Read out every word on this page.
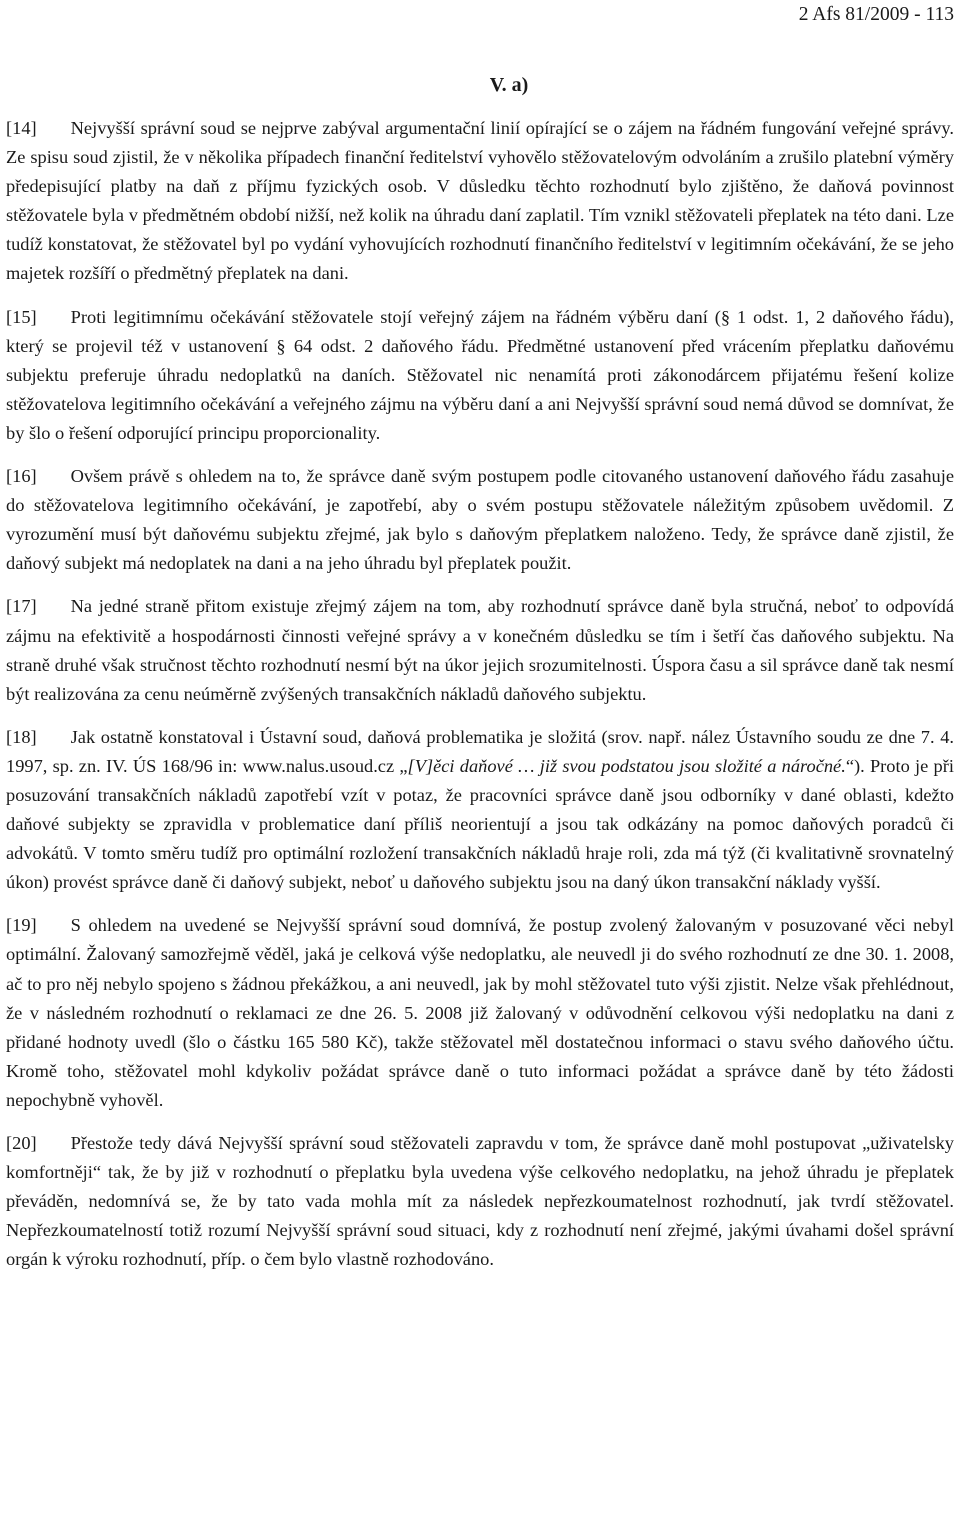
2 Afs 81/2009 - 113
V. a)

[14] Nejvyšší správní soud se nejprve zabýval argumentační linií opírající se o zájem na řádném fungování veřejné správy. Ze spisu soud zjistil, že v několika případech finanční ředitelství vyhovělo stěžovatelovým odvoláním a zrušilo platební výměry předepisující platby na daň z příjmu fyzických osob. V důsledku těchto rozhodnutí bylo zjištěno, že daňová povinnost stěžovatele byla v předmětném období nižší, než kolik na úhradu daní zaplatil. Tím vznikl stěžovateli přeplatek na této dani. Lze tudíž konstatovat, že stěžovatel byl po vydání vyhovujících rozhodnutí finančního ředitelství v legitimním očekávání, že se jeho majetek rozšíří o předmětný přeplatek na dani.

[15] Proti legitimnímu očekávání stěžovatele stojí veřejný zájem na řádném výběru daní (§ 1 odst. 1, 2 daňového řádu), který se projevil též v ustanovení § 64 odst. 2 daňového řádu. Předmětné ustanovení před vrácením přeplatku daňovému subjektu preferuje úhradu nedoplatků na daních. Stěžovatel nic nenamítá proti zákonodárcem přijatému řešení kolize stěžovatelova legitimního očekávání a veřejného zájmu na výběru daní a ani Nejvyšší správní soud nemá důvod se domnívat, že by šlo o řešení odporující principu proporcionality.

[16] Ovšem právě s ohledem na to, že správce daně svým postupem podle citovaného ustanovení daňového řádu zasahuje do stěžovatelova legitimního očekávání, je zapotřebí, aby o svém postupu stěžovatele náležitým způsobem uvědomil. Z vyrozumění musí být daňovému subjektu zřejmé, jak bylo s daňovým přeplatkem naloženo. Tedy, že správce daně zjistil, že daňový subjekt má nedoplatek na dani a na jeho úhradu byl přeplatek použit.

[17] Na jedné straně přitom existuje zřejmý zájem na tom, aby rozhodnutí správce daně byla stručná, neboť to odpovídá zájmu na efektivitě a hospodárnosti činnosti veřejné správy a v konečném důsledku se tím i šetří čas daňového subjektu. Na straně druhé však stručnost těchto rozhodnutí nesmí být na úkor jejich srozumitelnosti. Úspora času a sil správce daně tak nesmí být realizována za cenu neúměrně zvýšených transakčních nákladů daňového subjektu.

[18] Jak ostatně konstatoval i Ústavní soud, daňová problematika je složitá (srov. např. nález Ústavního soudu ze dne 7. 4. 1997, sp. zn. IV. ÚS 168/96 in: www.nalus.usoud.cz „[V]ěci daňové … již svou podstatou jsou složité a náročné.“). Proto je při posuzování transakčních nákladů zapotřebí vzít v potaz, že pracovníci správce daně jsou odborníky v dané oblasti, kdežto daňové subjekty se zpravidla v problematice daní příliš neorientují a jsou tak odkázány na pomoc daňových poradců či advokátů. V tomto směru tudíž pro optimální rozložení transakčních nákladů hraje roli, zda má týž (či kvalitativně srovnatelný úkon) provést správce daně či daňový subjekt, neboť u daňového subjektu jsou na daný úkon transakční náklady vyšší.

[19] S ohledem na uvedené se Nejvyšší správní soud domnívá, že postup zvolený žalovaným v posuzované věci nebyl optimální. Žalovaný samozřejmě věděl, jaká je celková výše nedoplatku, ale neuvedl ji do svého rozhodnutí ze dne 30. 1. 2008, ač to pro něj nebylo spojeno s žádnou překážkou, a ani neuvedl, jak by mohl stěžovatel tuto výši zjistit. Nelze však přehlédnout, že v následném rozhodnutí o reklamaci ze dne 26. 5. 2008 již žalovaný v odůvodnění celkovou výši nedoplatku na dani z přidané hodnoty uvedl (šlo o částku 165 580 Kč), takže stěžovatel měl dostatečnou informaci o stavu svého daňového účtu. Kromě toho, stěžovatel mohl kdykoliv požádat správce daně o tuto informaci požádat a správce daně by této žádosti nepochybně vyhověl.

[20] Přestože tedy dává Nejvyšší správní soud stěžovateli zapravdu v tom, že správce daně mohl postupovat „uživatelsky komfortněji“ tak, že by již v rozhodnutí o přeplatku byla uvedena výše celkového nedoplatku, na jehož úhradu je přeplatek převáděn, nedomnívá se, že by tato vada mohla mít za následek nepřezkoumatelnost rozhodnutí, jak tvrdí stěžovatel. Nepřezkoumatelností totiž rozumí Nejvyšší správní soud situaci, kdy z rozhodnutí není zřejmé, jakými úvahami došel správní orgán k výroku rozhodnutí, příp. o čem bylo vlastně rozhodováno.
